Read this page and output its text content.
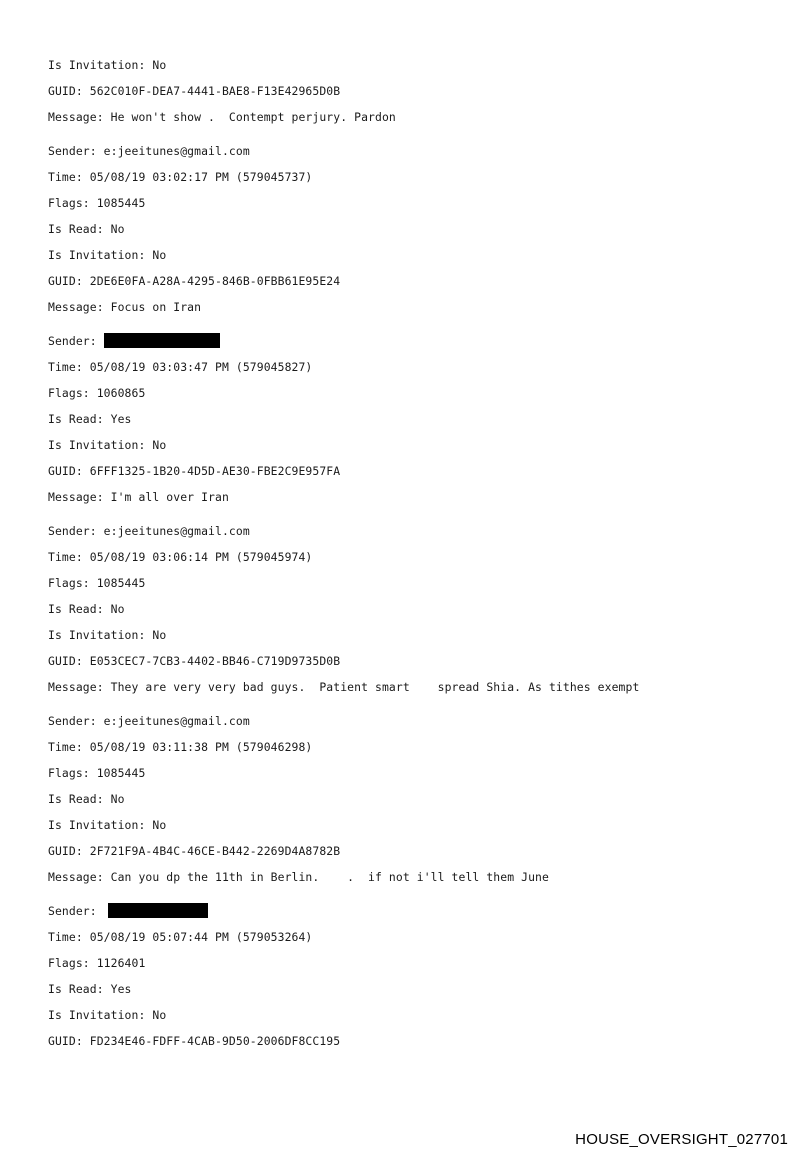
Is Invitation: No
GUID: 562C010F-DEA7-4441-BAE8-F13E42965D0B
Message: He won't show .  Contempt perjury. Pardon
Sender: e:jeeitunes@gmail.com
Time: 05/08/19 03:02:17 PM (579045737)
Flags: 1085445
Is Read: No
Is Invitation: No
GUID: 2DE6E0FA-A28A-4295-846B-0FBB61E95E24
Message: Focus on Iran
Sender:
Time: 05/08/19 03:03:47 PM (579045827)
Flags: 1060865
Is Read: Yes
Is Invitation: No
GUID: 6FFF1325-1B20-4D5D-AE30-FBE2C9E957FA
Message: I'm all over Iran
Sender: e:jeeitunes@gmail.com
Time: 05/08/19 03:06:14 PM (579045974)
Flags: 1085445
Is Read: No
Is Invitation: No
GUID: E053CEC7-7CB3-4402-BB46-C719D9735D0B
Message: They are very very bad guys.  Patient smart    spread Shia. As tithes exempt
Sender: e:jeeitunes@gmail.com
Time: 05/08/19 03:11:38 PM (579046298)
Flags: 1085445
Is Read: No
Is Invitation: No
GUID: 2F721F9A-4B4C-46CE-B442-2269D4A8782B
Message: Can you dp the 11th in Berlin.    .  if not i'll tell them June
Sender:
Time: 05/08/19 05:07:44 PM (579053264)
Flags: 1126401
Is Read: Yes
Is Invitation: No
GUID: FD234E46-FDFF-4CAB-9D50-2006DF8CC195
HOUSE_OVERSIGHT_027701
